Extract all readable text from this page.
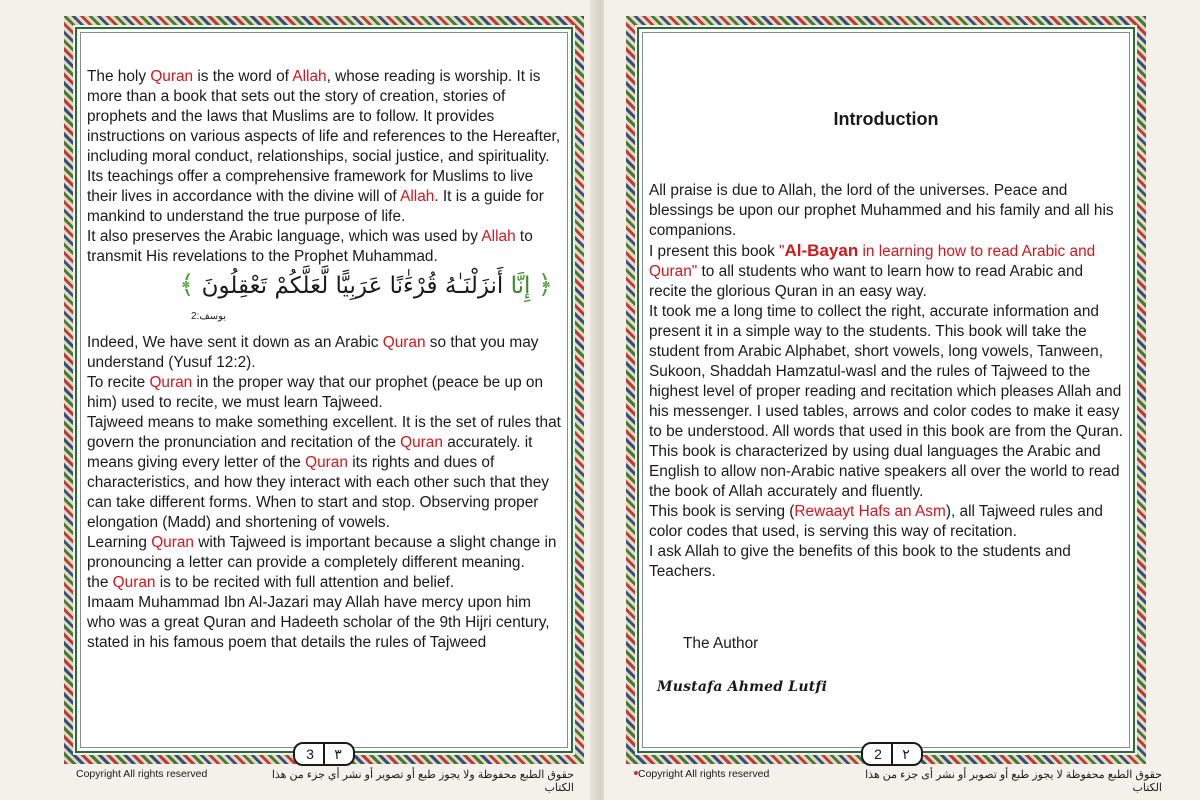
The holy Quran is the word of Allah, whose reading is worship. It is more than a book that sets out the story of creation, stories of prophets and the laws that Muslims are to follow. It provides instructions on various aspects of life and references to the Hereafter, including moral conduct, relationships, social justice, and spirituality. Its teachings offer a comprehensive framework for Muslims to live their lives in accordance with the divine will of Allah. It is a guide for mankind to understand the true purpose of life.

It also preserves the Arabic language, which was used by Allah to transmit His revelations to the Prophet Muhammad.

﴿ إِنَّا أَنزَلْنَـٰهُ قُرْءَٰنًا عَرَبِيًّا لَّعَلَّكُمْ تَعْقِلُونَ ﴾
يوسف:2

Indeed, We have sent it down as an Arabic Quran so that you may understand (Yusuf 12:2).

To recite Quran in the proper way that our prophet (peace be up on him) used to recite, we must learn Tajweed.

Tajweed means to make something excellent. It is the set of rules that govern the pronunciation and recitation of the Quran accurately. it means giving every letter of the Quran its rights and dues of characteristics, and how they interact with each other such that they can take different forms. When to start and stop. Observing proper elongation (Madd) and shortening of vowels.

Learning Quran with Tajweed is important because a slight change in pronouncing a letter can provide a completely different meaning.

the Quran is to be recited with full attention and belief.

Imaam Muhammad Ibn Al-Jazari may Allah have mercy upon him who was a great Quran and Hadeeth scholar of the 9th Hijri century, stated in his famous poem that details the rules of Tajweed

3 ٣
Copyright All rights reserved	حقوق الطبع محفوظة ولا يجوز طبع أو تصوير أو نشر أي جزء من هذا الكتاب
Introduction

All praise is due to Allah, the lord of the universes. Peace and blessings be upon our prophet Muhammed and his family and all his companions.

I present this book "Al-Bayan in learning how to read Arabic and Quran" to all students who want to learn how to read Arabic and recite the glorious Quran in an easy way.

It took me a long time to collect the right, accurate information and present it in a simple way to the students. This book will take the student from Arabic Alphabet, short vowels, long vowels, Tanween, Sukoon, Shaddah Hamzatul-wasl and the rules of Tajweed to the highest level of proper reading and recitation which pleases Allah and his messenger. I used tables, arrows and color codes to make it easy to be understood. All words that used in this book are from the Quran.

This book is characterized by using dual languages the Arabic and English to allow non-Arabic native speakers all over the world to read the book of Allah accurately and fluently.

This book is serving (Rewaayt Hafs an Asm), all Tajweed rules and color codes that used, is serving this way of recitation.

I ask Allah to give the benefits of this book to the students and Teachers.

The Author
Mustafa Ahmed Lutfi
2 ٢
Copyright All rights reserved	حقوق الطبع محفوظة لا يجوز طبع أو تصوير أو نشر أى جزء من هذا الكتاب
